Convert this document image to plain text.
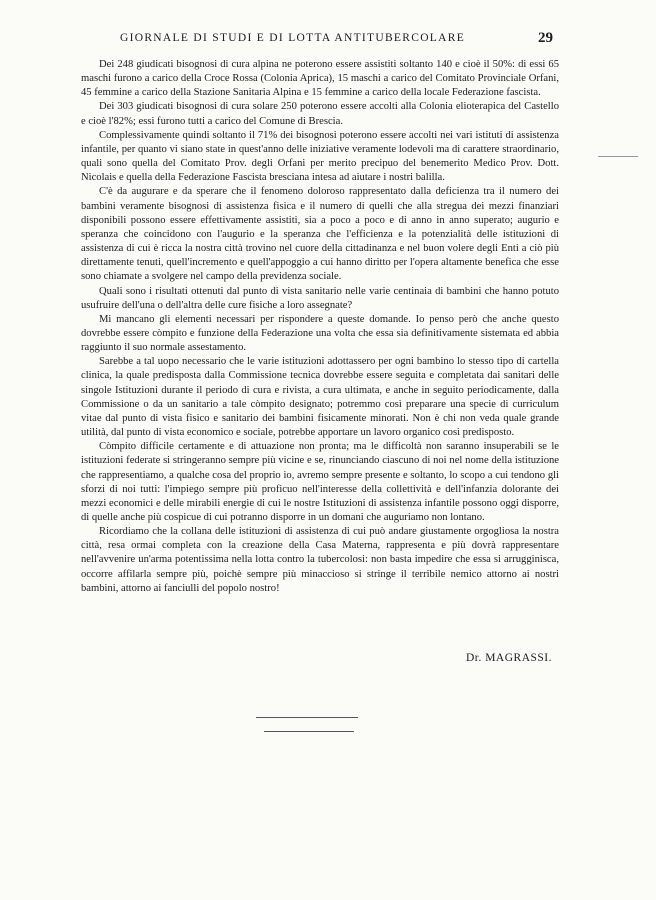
GIORNALE DI STUDI E DI LOTTA ANTITUBERCOLARE	29

Dei 248 giudicati bisognosi di cura alpina ne poterono essere assistiti soltanto 140 e cioè il 50%: di essi 65 maschi furono a carico della Croce Rossa (Colonia Aprica), 15 maschi a carico del Comitato Provinciale Orfani, 45 femmine a carico della Stazione Sanitaria Alpina e 15 femmine a carico della locale Federazione fascista.

Dei 303 giudicati bisognosi di cura solare 250 poterono essere accolti alla Colonia elioterapica del Castello e cioè l'82%; essi furono tutti a carico del Comune di Brescia.

Complessivamente quindi soltanto il 71% dei bisognosi poterono essere accolti nei vari istituti di assistenza infantile, per quanto vi siano state in quest'anno delle iniziative veramente lodevoli ma di carattere straordinario, quali sono quella del Comitato Prov. degli Orfani per merito precipuo del benemerito Medico Prov. Dott. Nicolais e quella della Federazione Fascista bresciana intesa ad aiutare i nostri balilla.

C'è da augurare e da sperare che il fenomeno doloroso rappresentato dalla deficienza tra il numero dei bambini veramente bisognosi di assistenza fisica e il numero di quelli che alla stregua dei mezzi finanziari disponibili possono essere effettivamente assistiti, sia a poco a poco e di anno in anno superato; augurio e speranza che coincidono con l'augurio e la speranza che l'efficienza e la potenzialità delle istituzioni di assistenza di cui è ricca la nostra città trovino nel cuore della cittadinanza e nel buon volere degli Enti a ciò più direttamente tenuti, quell'incremento e quell'appoggio a cui hanno diritto per l'opera altamente benefica che esse sono chiamate a svolgere nel campo della previdenza sociale.

Quali sono i risultati ottenuti dal punto di vista sanitario nelle varie centinaia di bambini che hanno potuto usufruire dell'una o dell'altra delle cure fisiche a loro assegnate?

Mi mancano gli elementi necessari per rispondere a queste domande. Io penso però che anche questo dovrebbe essere còmpito e funzione della Federazione una volta che essa sia definitivamente sistemata ed abbia raggiunto il suo normale assestamento.

Sarebbe a tal uopo necessario che le varie istituzioni adottassero per ogni bambino lo stesso tipo di cartella clinica, la quale predisposta dalla Commissione tecnica dovrebbe essere seguita e completata dai sanitari delle singole Istituzioni durante il periodo di cura e rivista, a cura ultimata, e anche in seguito periodicamente, dalla Commissione o da un sanitario a tale còmpito designato; potremmo così preparare una specie di curriculum vitae dal punto di vista fisico e sanitario dei bambini fisicamente minorati. Non è chi non veda quale grande utilità, dal punto di vista economico e sociale, potrebbe apportare un lavoro organico così predisposto.

Còmpito difficile certamente e di attuazione non pronta; ma le difficoltà non saranno insuperabili se le istituzioni federate si stringeranno sempre più vicine e se, rinunciando ciascuno di noi nel nome della istituzione che rappresentiamo, a qualche cosa del proprio io, avremo sempre presente e soltanto, lo scopo a cui tendono gli sforzi di noi tutti: l'impiego sempre più proficuo nell'interesse della collettività e dell'infanzia dolorante dei mezzi economici e delle mirabili energie di cui le nostre Istituzioni di assistenza infantile possono oggi disporre, di quelle anche più cospicue di cui potranno disporre in un domani che auguriamo non lontano.

Ricordiamo che la collana delle istituzioni di assistenza di cui può andare giustamente orgogliosa la nostra città, resa ormai completa con la creazione della Casa Materna, rappresenta e più dovrà rappresentare nell'avvenire un'arma potentissima nella lotta contro la tubercolosi: non basta impedire che essa si arrugginisca, occorre affilarla sempre più, poichè sempre più minaccioso si stringe il terribile nemico attorno ai nostri bambini, attorno ai fanciulli del popolo nostro!

Dr. MAGRASSI.
